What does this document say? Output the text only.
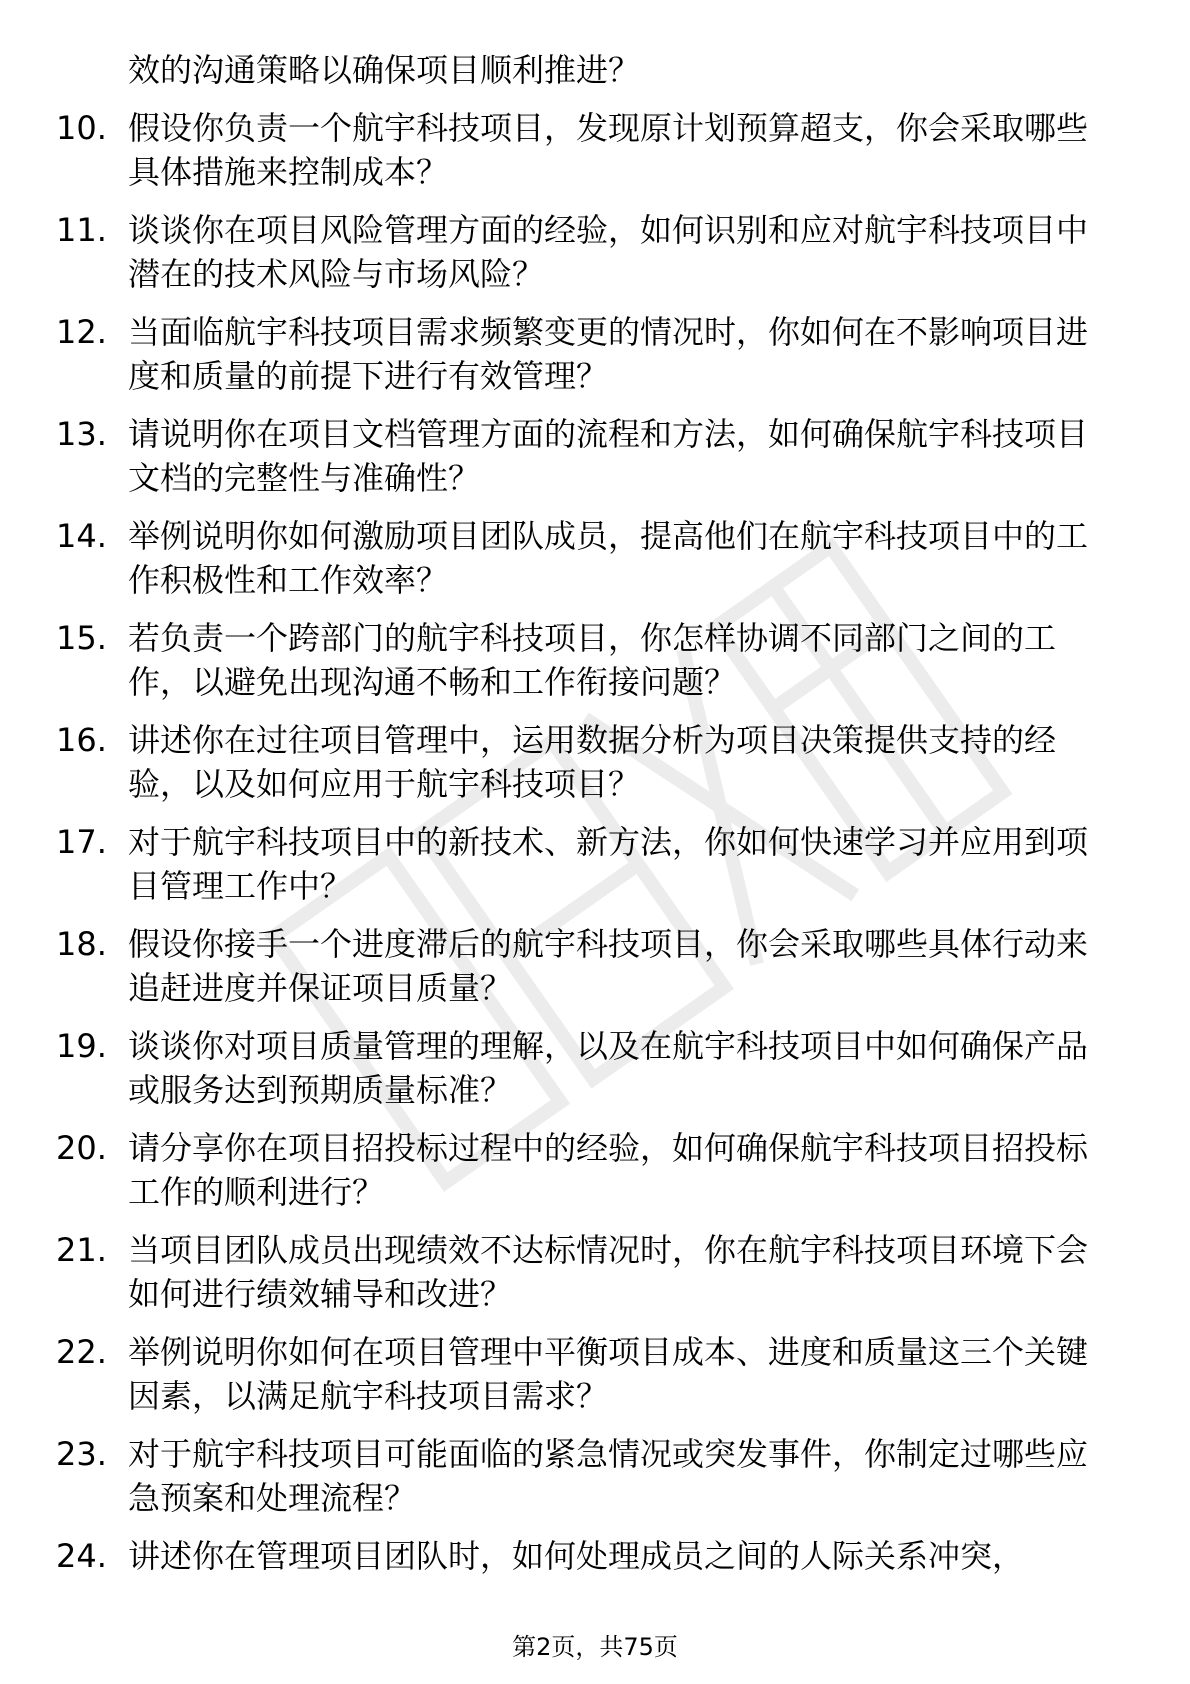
效的沟通策略以确保项目顺利推进？
10. 假设你负责一个航宇科技项目，发现原计划预算超支，你会采取哪些具体措施来控制成本？
11. 谈谈你在项目风险管理方面的经验，如何识别和应对航宇科技项目中潜在的技术风险与市场风险？
12. 当面临航宇科技项目需求频繁变更的情况时，你如何在不影响项目进度和质量的前提下进行有效管理？
13. 请说明你在项目文档管理方面的流程和方法，如何确保航宇科技项目文档的完整性与准确性？
14. 举例说明你如何激励项目团队成员，提高他们在航宇科技项目中的工作积极性和工作效率？
15. 若负责一个跨部门的航宇科技项目，你怎样协调不同部门之间的工作，以避免出现沟通不畅和工作衔接问题？
16. 讲述你在过往项目管理中，运用数据分析为项目决策提供支持的经验，以及如何应用于航宇科技项目？
17. 对于航宇科技项目中的新技术、新方法，你如何快速学习并应用到项目管理工作中？
18. 假设你接手一个进度滞后的航宇科技项目，你会采取哪些具体行动来追赶进度并保证项目质量？
19. 谈谈你对项目质量管理的理解，以及在航宇科技项目中如何确保产品或服务达到预期质量标准？
20. 请分享你在项目招投标过程中的经验，如何确保航宇科技项目招投标工作的顺利进行？
21. 当项目团队成员出现绩效不达标情况时，你在航宇科技项目环境下会如何进行绩效辅导和改进？
22. 举例说明你如何在项目管理中平衡项目成本、进度和质量这三个关键因素，以满足航宇科技项目需求？
23. 对于航宇科技项目可能面临的紧急情况或突发事件，你制定过哪些应急预案和处理流程？
24. 讲述你在管理项目团队时，如何处理成员之间的人际关系冲突，
第2页，共75页
